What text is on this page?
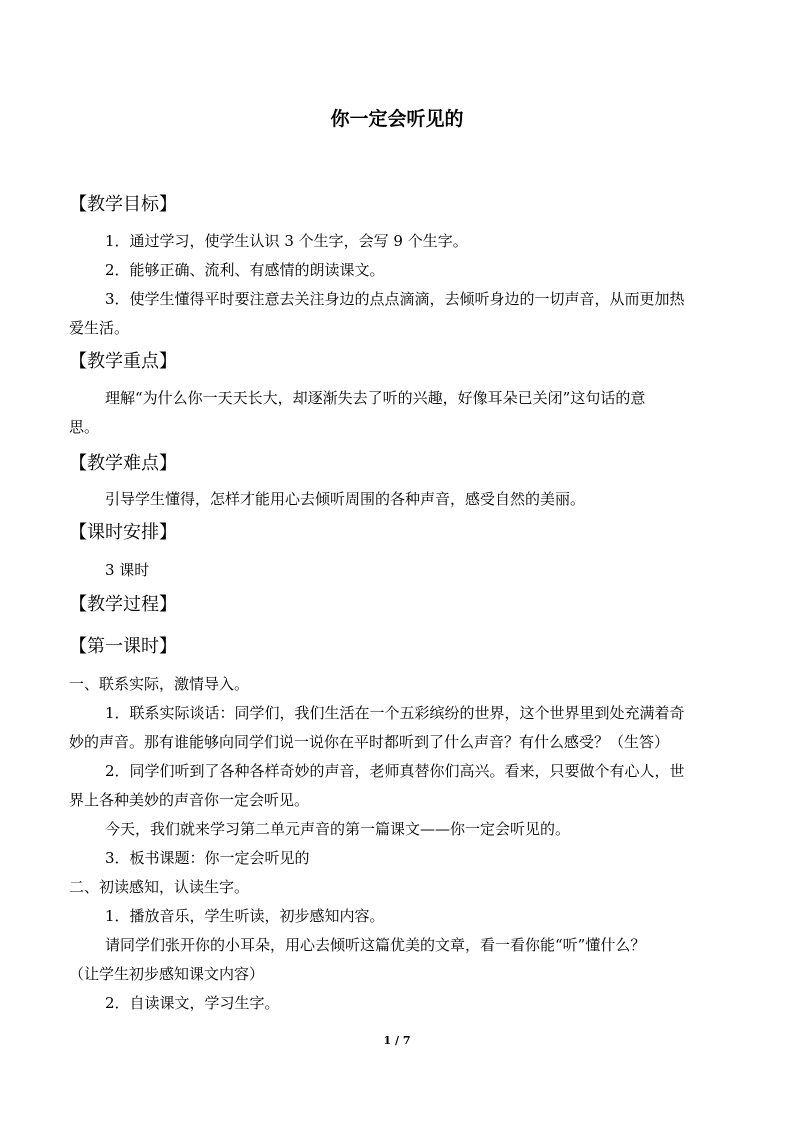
你一定会听见的
【教学目标】

1．通过学习，使学生认识 3 个生字，会写 9 个生字。

2．能够正确、流利、有感情的朗读课文。

3．使学生懂得平时要注意去关注身边的点点滴滴，去倾听身边的一切声音，从而更加热

爱生活。

【教学重点】

理解“为什么你一天天长大，却逐渐失去了听的兴趣，好像耳朵已关闭”这句话的意

思。

【教学难点】

引导学生懂得，怎样才能用心去倾听周围的各种声音，感受自然的美丽。

【课时安排】

3 课时

【教学过程】
【第一课时】

一、联系实际，激情导入。

1．联系实际谈话：同学们，我们生活在一个五彩缤纷的世界，这个世界里到处充满着奇

妙的声音。那有谁能够向同学们说一说你在平时都听到了什么声音？有什么感受？（生答）

2．同学们听到了各种各样奇妙的声音，老师真替你们高兴。看来，只要做个有心人，世

界上各种美妙的声音你一定会听见。

今天，我们就来学习第二单元声音的第一篇课文——你一定会听见的。

3．板书课题：你一定会听见的

二、初读感知，认读生字。

1．播放音乐，学生听读，初步感知内容。

请同学们张开你的小耳朵，用心去倾听这篇优美的文章，看一看你能“听”懂什么？

（让学生初步感知课文内容）

2．自读课文，学习生字。

1 / 7
